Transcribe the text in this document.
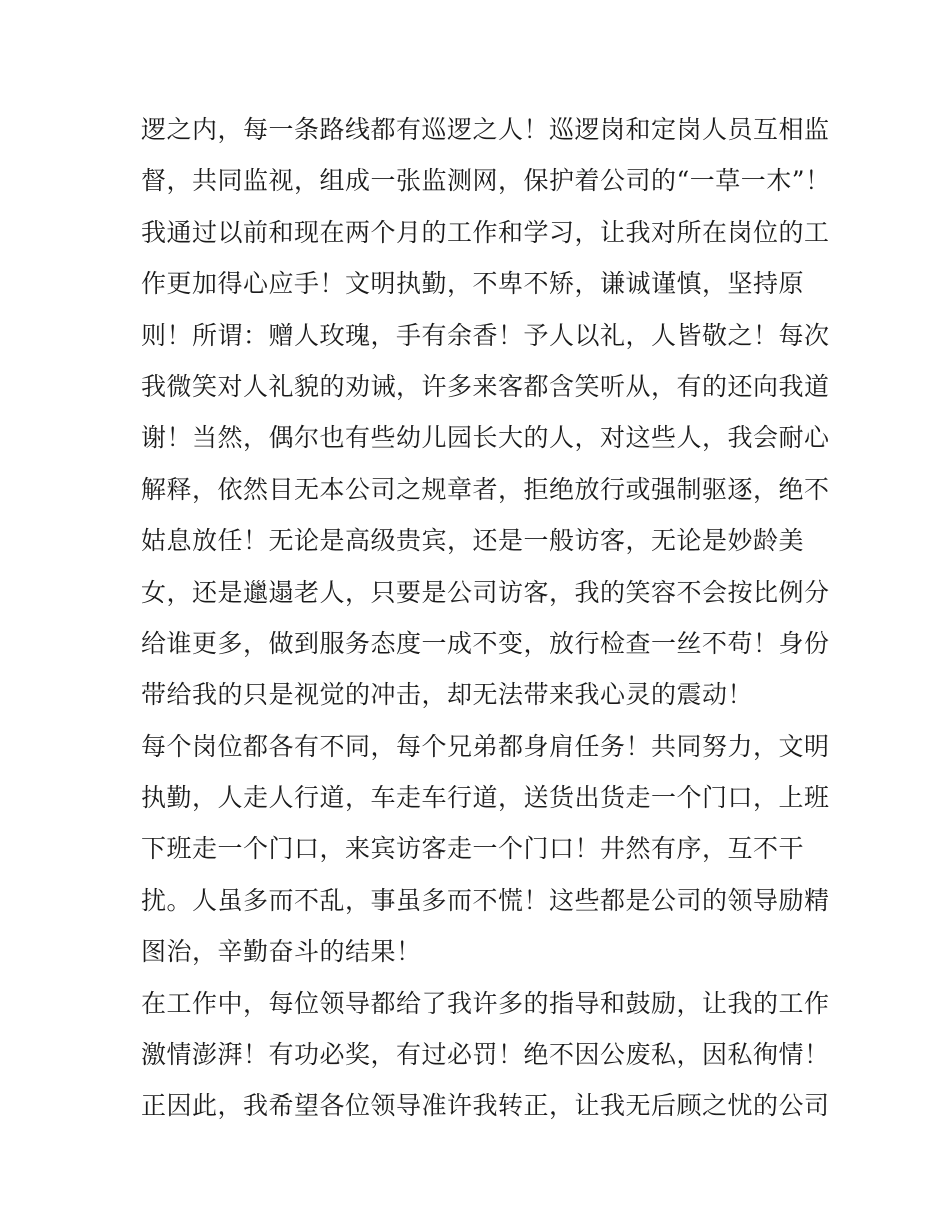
逻之内，每一条路线都有巡逻之人！巡逻岗和定岗人员互相监
督，共同监视，组成一张监测网，保护着公司的“一草一木”！
我通过以前和现在两个月的工作和学习，让我对所在岗位的工
作更加得心应手！文明执勤，不卑不矫，谦诚谨慎，坚持原
则！所谓：赠人玫瑰，手有余香！予人以礼，人皆敬之！每次
我微笑对人礼貌的劝诫，许多来客都含笑听从，有的还向我道
谢！当然，偶尔也有些幼儿园长大的人，对这些人，我会耐心
解释，依然目无本公司之规章者，拒绝放行或强制驱逐，绝不
姑息放任！无论是高级贵宾，还是一般访客，无论是妙龄美
女，还是邋遢老人，只要是公司访客，我的笑容不会按比例分
给谁更多，做到服务态度一成不变，放行检查一丝不苟！身份
带给我的只是视觉的冲击，却无法带来我心灵的震动！
每个岗位都各有不同，每个兄弟都身肩任务！共同努力，文明
执勤，人走人行道，车走车行道，送货出货走一个门口，上班
下班走一个门口，来宾访客走一个门口！井然有序，互不干
扰。人虽多而不乱，事虽多而不慌！这些都是公司的领导励精
图治，辛勤奋斗的结果！
在工作中，每位领导都给了我许多的指导和鼓励，让我的工作
激情澎湃！有功必奖，有过必罚！绝不因公废私，因私徇情！
正因此，我希望各位领导准许我转正，让我无后顾之忧的公司
